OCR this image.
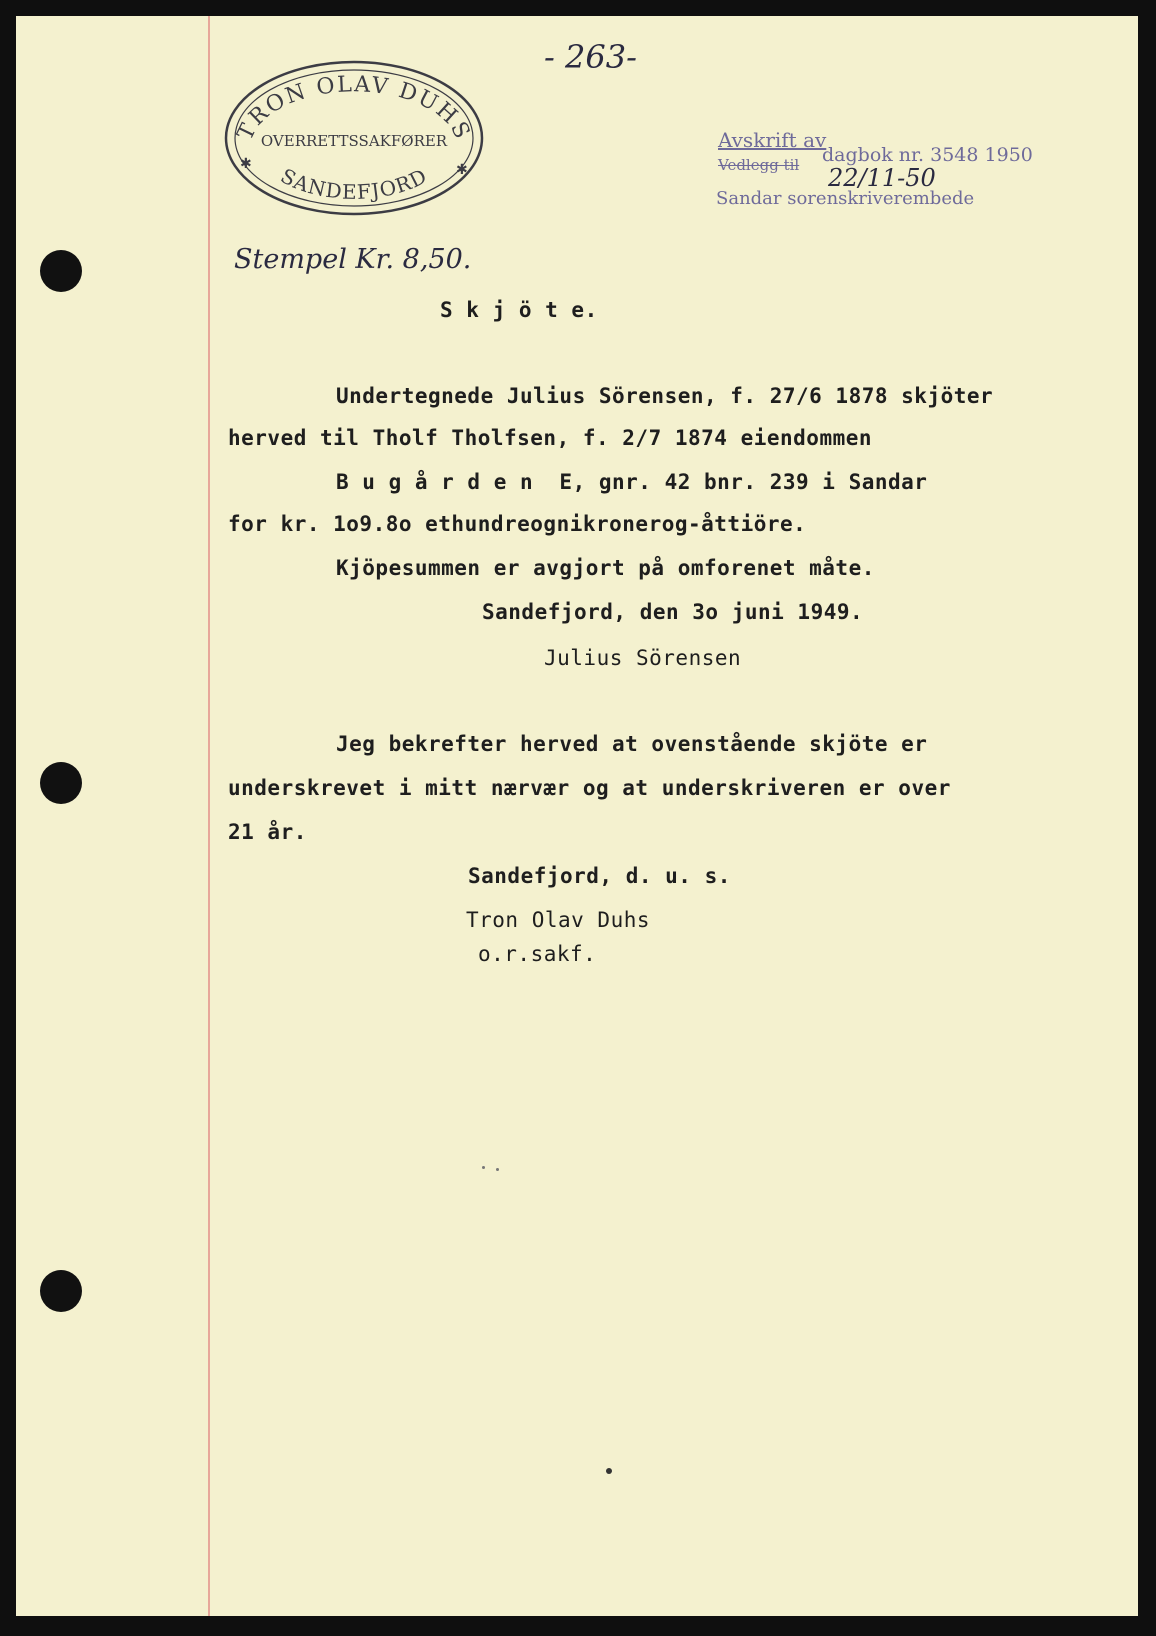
- 263-
TRON OLAV DUHS
OVERRETTSSAKFØRER
SANDEFJORD
✱	✱
Avskrift av
dagbok nr. 3548 1950
Vedlegg til 22/11-50
Sandar sorenskriverembede
Stempel Kr. 8,50.
S k j ö t e.
Undertegnede Julius Sörensen, f. 27/6 1878 skjöter
herved til Tholf Tholfsen, f. 2/7 1874 eiendommen
B u g å r d e n  E, gnr. 42 bnr. 239 i Sandar
for kr. 1o9.8o ethundreognikronerog-åttiöre.
Kjöpesummen er avgjort på omforenet måte.
Sandefjord, den 3o juni 1949.
Julius Sörensen
Jeg bekrefter herved at ovenstående skjöte er
underskrevet i mitt nærvær og at underskriveren er over
21 år.
Sandefjord, d. u. s.
Tron Olav Duhs
o.r.sakf.
